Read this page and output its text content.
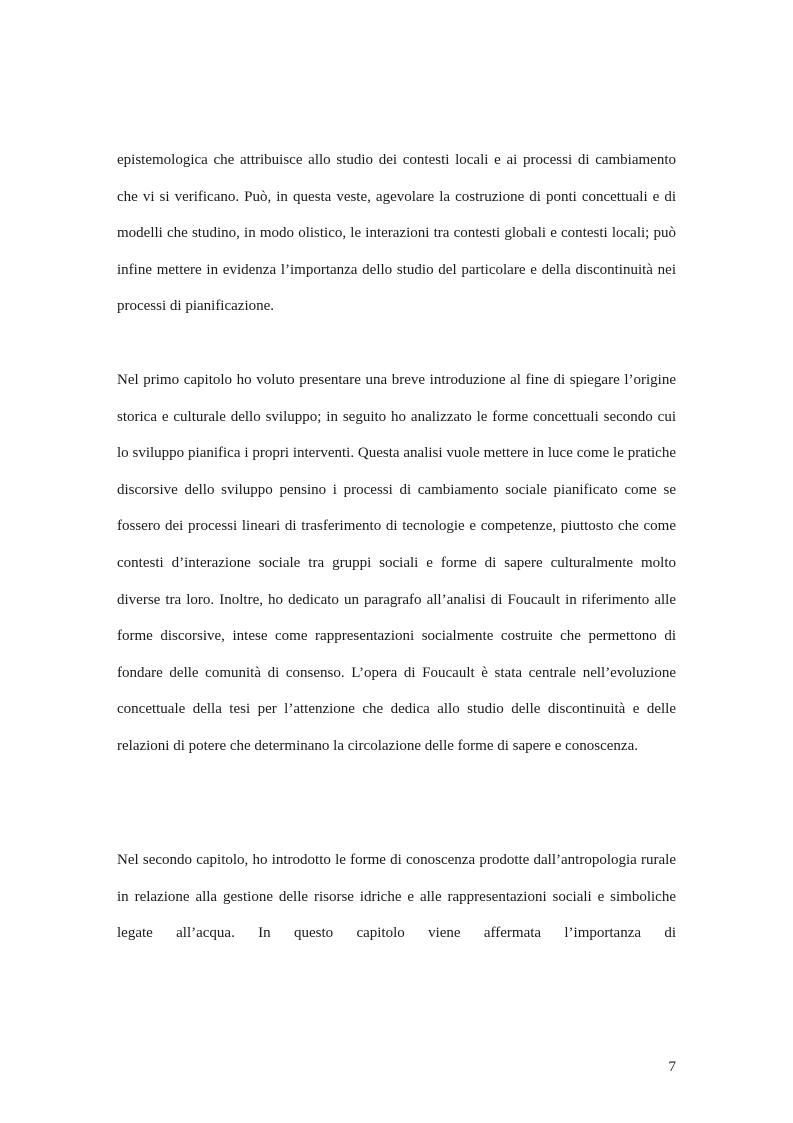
epistemologica che attribuisce allo studio dei contesti locali e ai processi di cambiamento che vi si verificano. Può, in questa veste, agevolare la costruzione di ponti concettuali e di modelli che studino, in modo olistico, le interazioni tra contesti globali e contesti locali; può infine mettere in evidenza l’importanza dello studio del particolare e della discontinuità nei processi di pianificazione.

Nel primo capitolo ho voluto presentare una breve introduzione al fine di spiegare l’origine storica e culturale dello sviluppo; in seguito ho analizzato le forme concettuali secondo cui lo sviluppo pianifica i propri interventi. Questa analisi vuole mettere in luce come le pratiche discorsive dello sviluppo pensino i processi di cambiamento sociale pianificato come se fossero dei processi lineari di trasferimento di tecnologie e competenze, piuttosto che come contesti d’interazione sociale tra gruppi sociali e forme di sapere culturalmente molto diverse tra loro. Inoltre, ho dedicato un paragrafo all’analisi di Foucault in riferimento alle forme discorsive, intese come rappresentazioni socialmente costruite che permettono di fondare delle comunità di consenso. L’opera di Foucault è stata centrale nell’evoluzione concettuale della tesi per l’attenzione che dedica allo studio delle discontinuità e delle relazioni di potere che determinano la circolazione delle forme di sapere e conoscenza.

Nel secondo capitolo, ho introdotto le forme di conoscenza prodotte dall’antropologia rurale in relazione alla gestione delle risorse idriche e alle rappresentazioni sociali e simboliche legate all’acqua. In questo capitolo viene affermata l’importanza di

7
